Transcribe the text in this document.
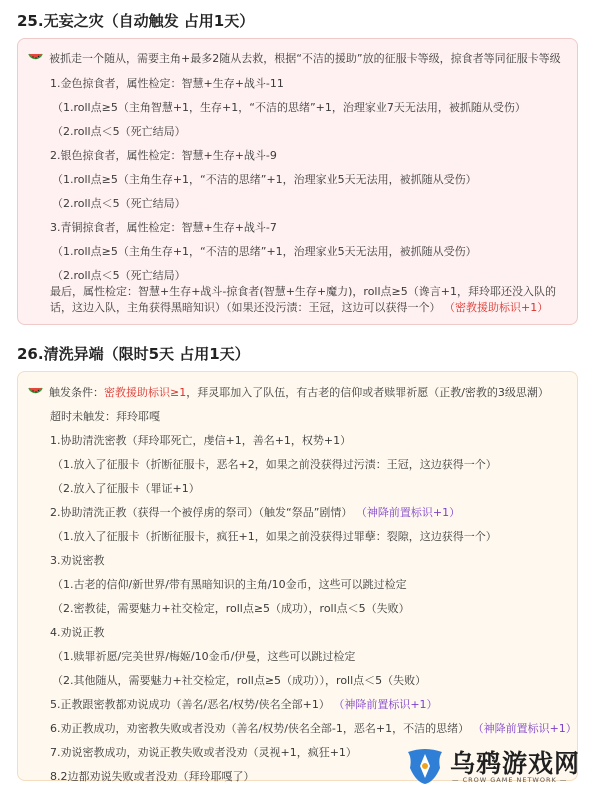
25.无妄之灾（自动触发 占用1天）
被抓走一个随从，需要主角+最多2随从去救，根据“不洁的援助”放的征服卡等级，掠食者等同征服卡等级
1.金色掠食者，属性检定：智慧+生存+战斗-11
（1.roll点≥5（主角智慧+1，生存+1，“不洁的思绪”+1，治理家业7天无法用，被抓随从受伤）
（2.roll点＜5（死亡结局）
2.银色掠食者，属性检定：智慧+生存+战斗-9
（1.roll点≥5（主角生存+1，“不洁的思绪”+1，治理家业5天无法用，被抓随从受伤）
（2.roll点＜5（死亡结局）
3.青铜掠食者，属性检定：智慧+生存+战斗-7
（1.roll点≥5（主角生存+1，“不洁的思绪”+1，治理家业5天无法用，被抓随从受伤）
（2.roll点＜5（死亡结局）
最后，属性检定：智慧+生存+战斗-掠食者(智慧+生存+魔力)，roll点≥5（谗言+1，拜玲耶还没入队的
话，这边入队，主角获得黑暗知识）（如果还没污渍：王冠，这边可以获得一个） （密教援助标识+1）
26.清洗异端（限时5天 占用1天）
触发条件：密教援助标识≥1，拜灵耶加入了队伍，有古老的信仰或者赎罪祈愿（正教/密教的3级思潮）
超时未触发：拜玲耶嘎
1.协助清洗密教（拜玲耶死亡，虔信+1，善名+1，权势+1）
（1.放入了征服卡（折断征服卡，恶名+2，如果之前没获得过污渍：王冠，这边获得一个）
（2.放入了征服卡（罪证+1）
2.协助清洗正教（获得一个被俘虏的祭司）（触发“祭品”剧情） （神降前置标识+1）
（1.放入了征服卡（折断征服卡，疯狂+1，如果之前没获得过罪孽：裂隙，这边获得一个）
3.劝说密教
（1.古老的信仰/新世界/带有黑暗知识的主角/10金币，这些可以跳过检定
（2.密教徒，需要魅力+社交检定，roll点≥5（成功），roll点＜5（失败）
4.劝说正教
（1.赎罪祈愿/完美世界/梅姬/10金币/伊曼，这些可以跳过检定
（2.其他随从，需要魅力+社交检定，roll点≥5（成功）），roll点＜5（失败）
5.正教跟密教都劝说成功（善名/恶名/权势/侠名全部+1） （神降前置标识+1）
6.劝正教成功，劝密教失败或者没劝（善名/权势/侠名全部-1，恶名+1，不洁的思绪） （神降前置标识+1）
7.劝说密教成功，劝说正教失败或者没劝（灵视+1，疯狂+1）
8.2边都劝说失败或者没劝（拜玲耶嘎了）	乌鸦游戏网
— CROW GAME NETWORK —
